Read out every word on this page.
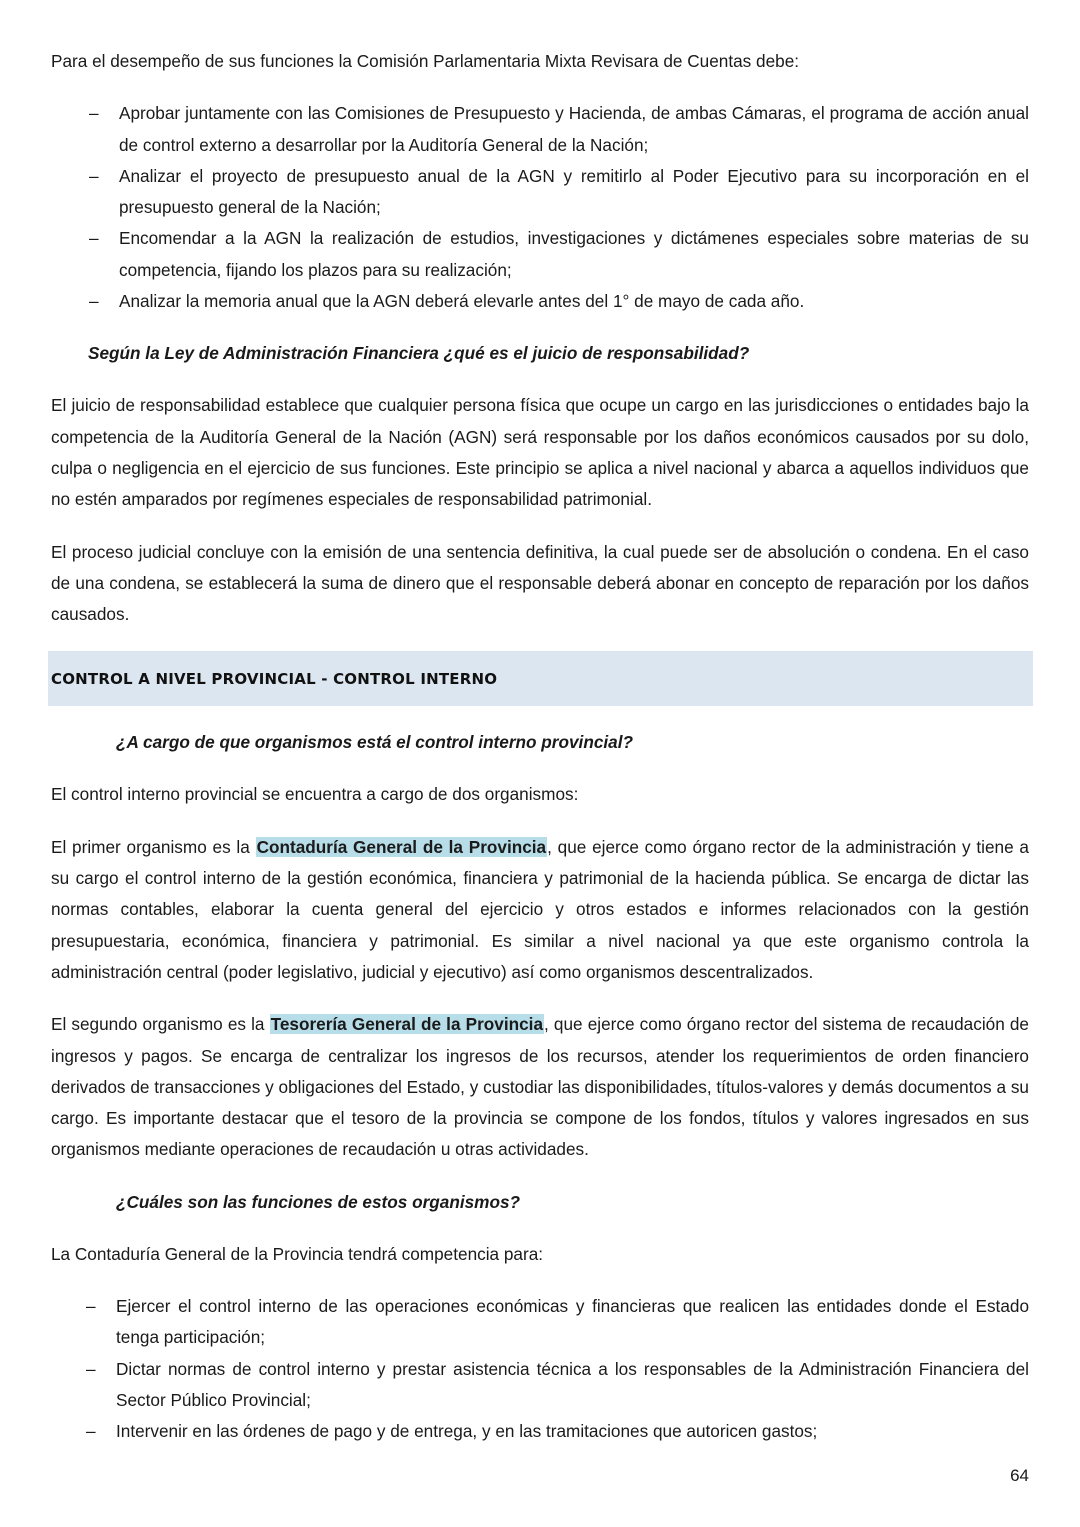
Para el desempeño de sus funciones la Comisión Parlamentaria Mixta Revisara de Cuentas debe:

– Aprobar juntamente con las Comisiones de Presupuesto y Hacienda, de ambas Cámaras, el programa de acción anual de control externo a desarrollar por la Auditoría General de la Nación;
– Analizar el proyecto de presupuesto anual de la AGN y remitirlo al Poder Ejecutivo para su incorporación en el presupuesto general de la Nación;
– Encomendar a la AGN la realización de estudios, investigaciones y dictámenes especiales sobre materias de su competencia, fijando los plazos para su realización;
– Analizar la memoria anual que la AGN deberá elevarle antes del 1° de mayo de cada año.

Según la Ley de Administración Financiera ¿qué es el juicio de responsabilidad?

El juicio de responsabilidad establece que cualquier persona física que ocupe un cargo en las jurisdicciones o entidades bajo la competencia de la Auditoría General de la Nación (AGN) será responsable por los daños económicos causados por su dolo, culpa o negligencia en el ejercicio de sus funciones. Este principio se aplica a nivel nacional y abarca a aquellos individuos que no estén amparados por regímenes especiales de responsabilidad patrimonial.

El proceso judicial concluye con la emisión de una sentencia definitiva, la cual puede ser de absolución o condena. En el caso de una condena, se establecerá la suma de dinero que el responsable deberá abonar en concepto de reparación por los daños causados.

CONTROL A NIVEL PROVINCIAL - CONTROL INTERNO

¿A cargo de que organismos está el control interno provincial?

El control interno provincial se encuentra a cargo de dos organismos:

El primer organismo es la Contaduría General de la Provincia, que ejerce como órgano rector de la administración y tiene a su cargo el control interno de la gestión económica, financiera y patrimonial de la hacienda pública. Se encarga de dictar las normas contables, elaborar la cuenta general del ejercicio y otros estados e informes relacionados con la gestión presupuestaria, económica, financiera y patrimonial. Es similar a nivel nacional ya que este organismo controla la administración central (poder legislativo, judicial y ejecutivo) así como organismos descentralizados.

El segundo organismo es la Tesorería General de la Provincia, que ejerce como órgano rector del sistema de recaudación de ingresos y pagos. Se encarga de centralizar los ingresos de los recursos, atender los requerimientos de orden financiero derivados de transacciones y obligaciones del Estado, y custodiar las disponibilidades, títulos-valores y demás documentos a su cargo. Es importante destacar que el tesoro de la provincia se compone de los fondos, títulos y valores ingresados en sus organismos mediante operaciones de recaudación u otras actividades.

¿Cuáles son las funciones de estos organismos?

La Contaduría General de la Provincia tendrá competencia para:

– Ejercer el control interno de las operaciones económicas y financieras que realicen las entidades donde el Estado tenga participación;
– Dictar normas de control interno y prestar asistencia técnica a los responsables de la Administración Financiera del Sector Público Provincial;
– Intervenir en las órdenes de pago y de entrega, y en las tramitaciones que autoricen gastos;
64
